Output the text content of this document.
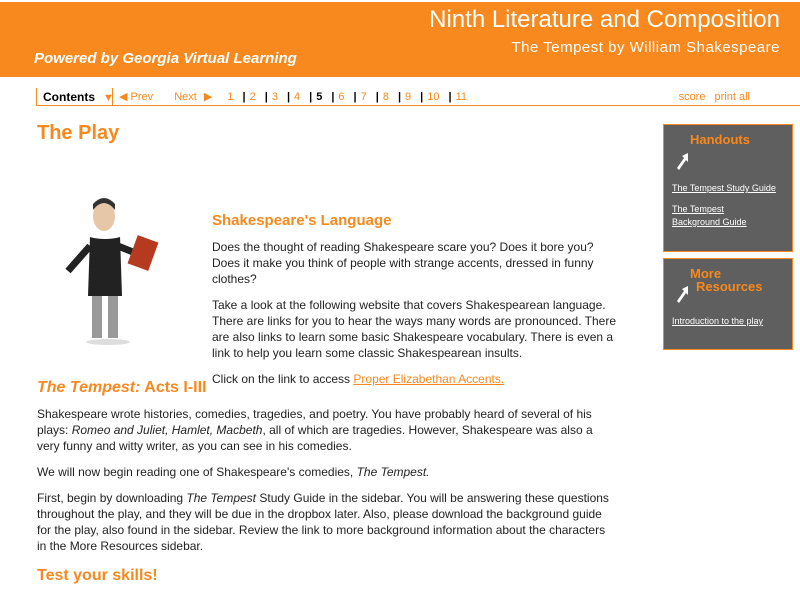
Ninth Literature and Composition
The Tempest by William Shakespeare
Powered by Georgia Virtual Learning
Contents ▼ ◀ Prev Next ▶ 1 | 2 | 3 | 4 | 5 | 6 | 7 | 8 | 9 | 10 | 11	score print all
The Play
Shakespeare's Language

Does the thought of reading Shakespeare scare you? Does it bore you? Does it make you think of people with strange accents, dressed in funny clothes?

Take a look at the following website that covers Shakespearean language. There are links for you to hear the ways many words are pronounced. There are also links to learn some basic Shakespeare vocabulary. There is even a link to help you learn some classic Shakespearean insults.

Click on the link to access Proper Elizabethan Accents.

The Tempest: Acts I-III

Shakespeare wrote histories, comedies, tragedies, and poetry. You have probably heard of several of his plays: Romeo and Juliet, Hamlet, Macbeth, all of which are tragedies. However, Shakespeare was also a very funny and witty writer, as you can see in his comedies.

We will now begin reading one of Shakespeare's comedies, The Tempest.

First, begin by downloading The Tempest Study Guide in the sidebar. You will be answering these questions throughout the play, and they will be due in the dropbox later. Also, please download the background guide for the play, also found in the sidebar. Review the link to more background information about the characters in the More Resources sidebar.

Test your skills!
Handouts
The Tempest Study Guide
The Tempest Background Guide
More
Resources
Introduction to the play
